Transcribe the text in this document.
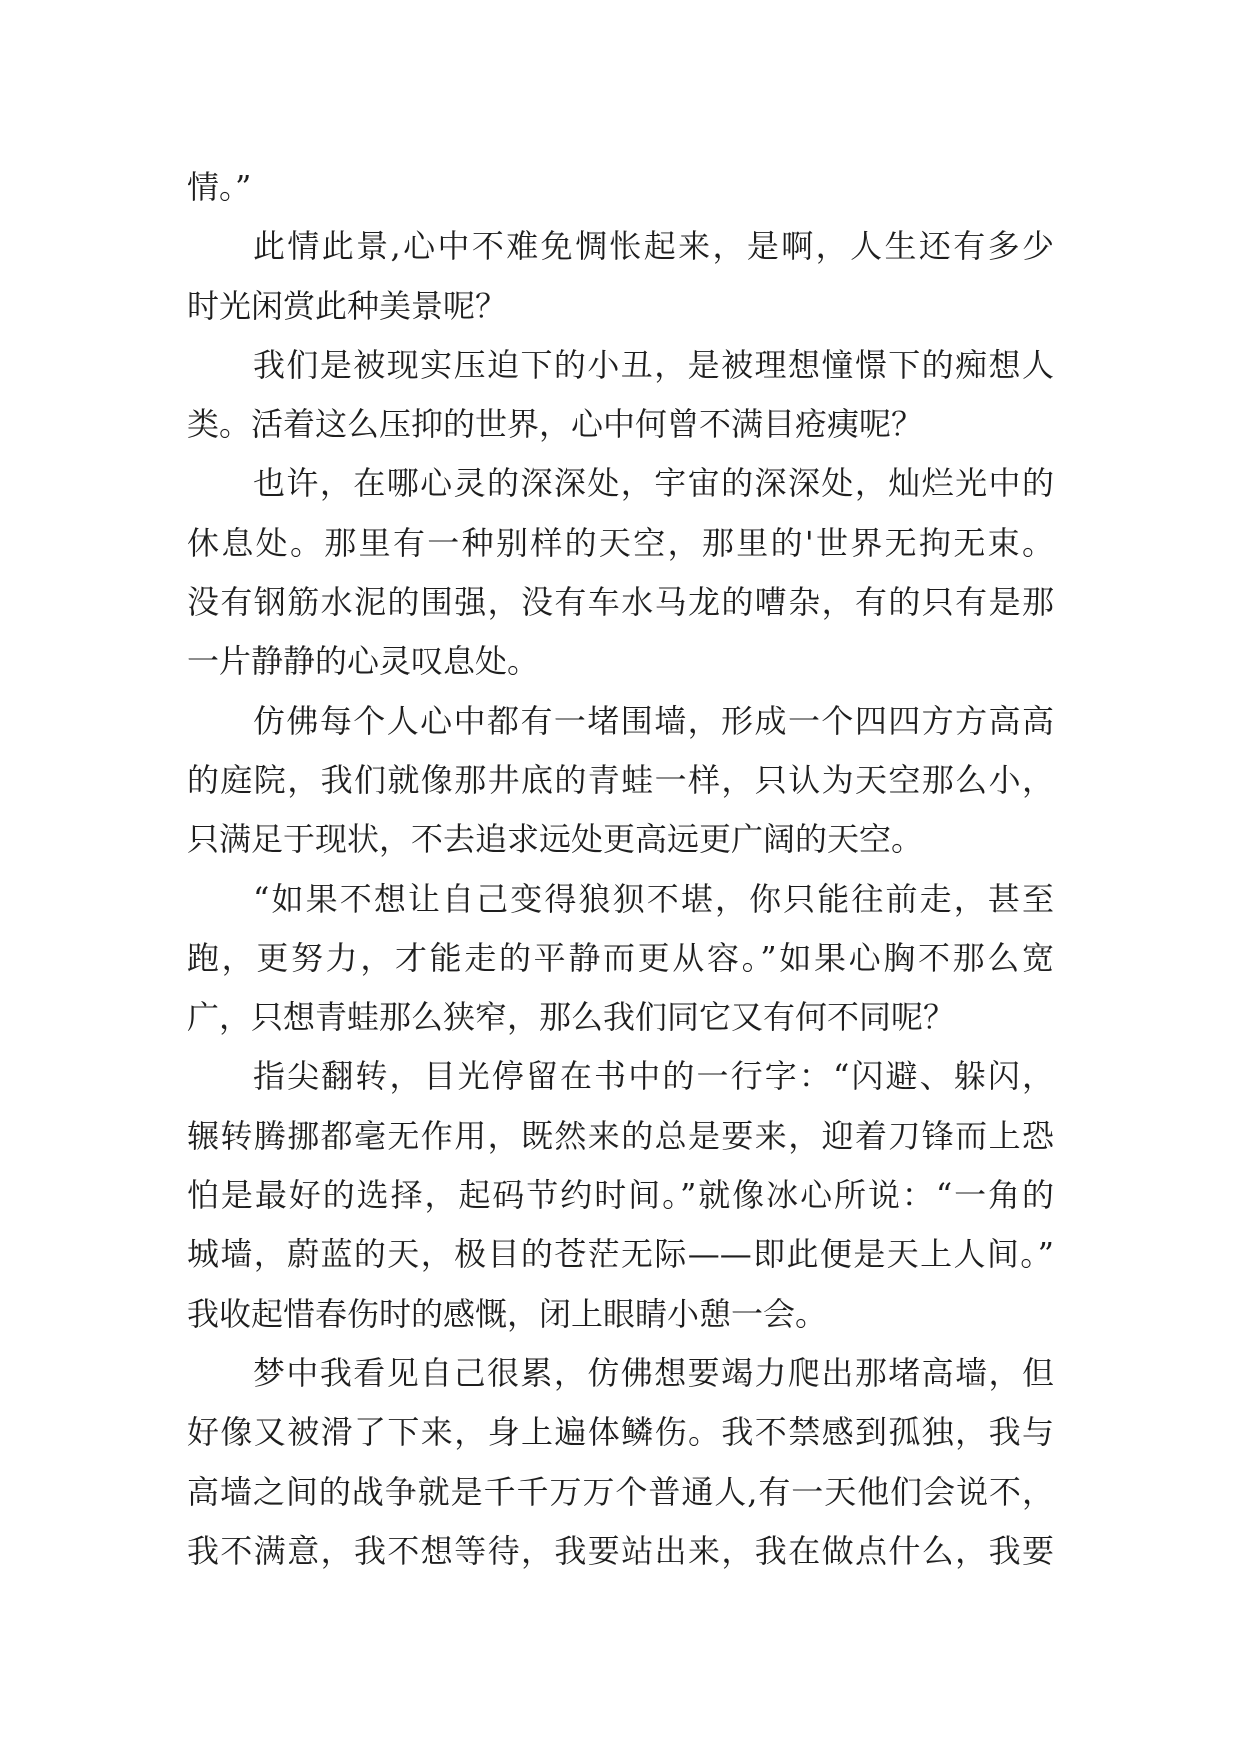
情。”
此情此景,心中不难免惆怅起来，是啊，人生还有多少
时光闲赏此种美景呢？
我们是被现实压迫下的小丑，是被理想憧憬下的痴想人
类。活着这么压抑的世界，心中何曾不满目疮痍呢？
也许，在哪心灵的深深处，宇宙的深深处，灿烂光中的
休息处。那里有一种别样的天空，那里的'世界无拘无束。
没有钢筋水泥的围强，没有车水马龙的嘈杂，有的只有是那
一片静静的心灵叹息处。
仿佛每个人心中都有一堵围墙，形成一个四四方方高高
的庭院，我们就像那井底的青蛙一样，只认为天空那么小，
只满足于现状，不去追求远处更高远更广阔的天空。
“如果不想让自己变得狼狈不堪，你只能往前走，甚至
跑，更努力，才能走的平静而更从容。”如果心胸不那么宽
广，只想青蛙那么狭窄，那么我们同它又有何不同呢？
指尖翻转，目光停留在书中的一行字：“闪避、躲闪，
辗转腾挪都毫无作用，既然来的总是要来，迎着刀锋而上恐
怕是最好的选择，起码节约时间。”就像冰心所说：“一角的
城墙，蔚蓝的天，极目的苍茫无际——即此便是天上人间。”
我收起惜春伤时的感慨，闭上眼睛小憩一会。
梦中我看见自己很累，仿佛想要竭力爬出那堵高墙，但
好像又被滑了下来，身上遍体鳞伤。我不禁感到孤独，我与
高墙之间的战争就是千千万万个普通人,有一天他们会说不，
我不满意，我不想等待，我要站出来，我在做点什么，我要
